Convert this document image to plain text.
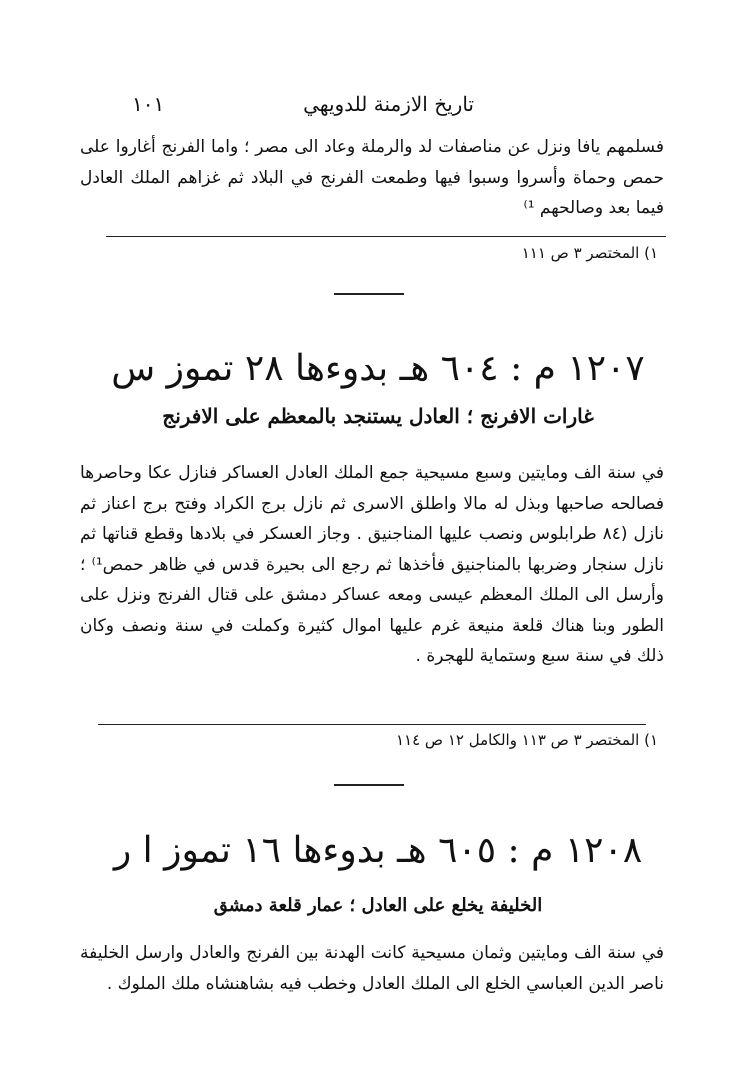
تاريخ الازمنة للدويهي
١٠١
فسلمهم يافا ونزل عن مناصفات لد والرملة وعاد الى مصر ؛ واما الفرنج أغاروا على حمص وحماة وأسروا وسبوا فيها وطمعت الفرنج في البلاد ثم غزاهم الملك العادل فيما بعد وصالحهم ¹⁾
١) المختصر ٣ ص ١١١
١٢٠٧ م : ٦٠٤ هـ بدوءها ٢٨ تموز س
غارات الافرنج ؛ العادل يستنجد بالمعظم على الافرنج
في سنة الف ومايتين وسبع مسيحية جمع الملك العادل العساكر فنازل عكا وحاصرها فصالحه صاحبها وبذل له مالا واطلق الاسرى ثم نازل برج الكراد وفتح برج اعناز ثم نازل (٨٤ طرابلوس ونصب عليها المناجنيق . وجاز العسكر في بلادها وقطع قناتها ثم نازل سنجار وضربها بالمناجنيق فأخذها ثم رجع الى بحيرة قدس في ظاهر حمص¹⁾ ؛ وأرسل الى الملك المعظم عيسى ومعه عساكر دمشق على قتال الفرنج ونزل على الطور وبنا هناك قلعة منيعة غرم عليها اموال كثيرة وكملت في سنة ونصف وكان ذلك في سنة سبع وستماية للهجرة .
١) المختصر ٣ ص ١١٣ والكامل ١٢ ص ١١٤
١٢٠٨ م : ٦٠٥ هـ بدوءها ١٦ تموز ا ر
الخليفة يخلع على العادل ؛ عمار قلعة دمشق
في سنة الف ومايتين وثمان مسيحية كانت الهدنة بين الفرنج والعادل وارسل الخليفة ناصر الدين العباسي الخلع الى الملك العادل وخطب فيه بشاهنشاه ملك الملوك .
